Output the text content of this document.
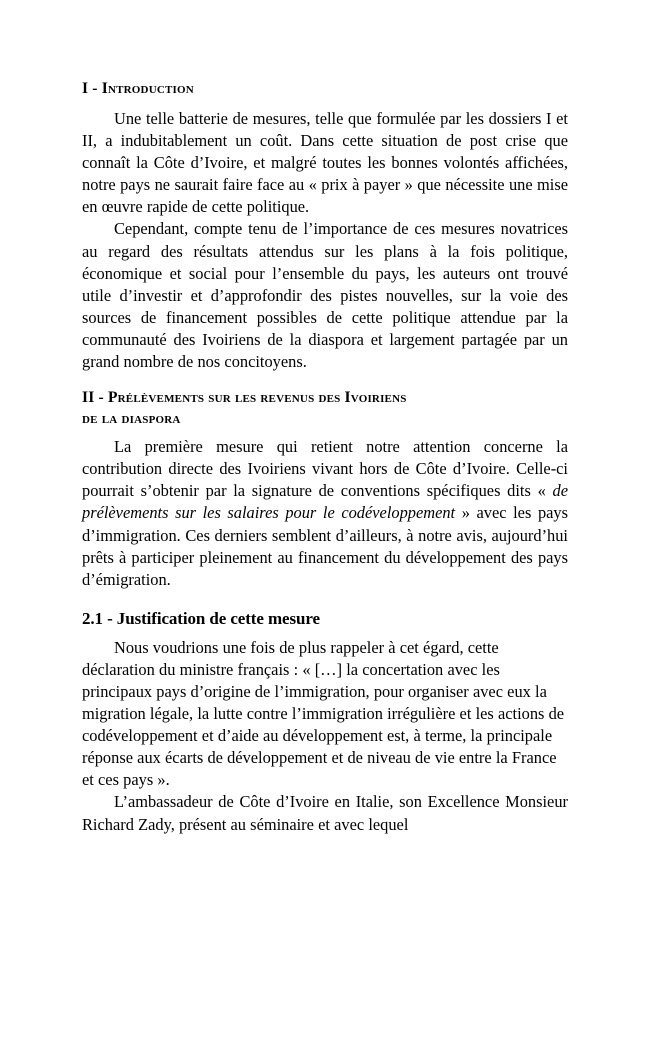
I - Introduction

Une telle batterie de mesures, telle que formulée par les dossiers I et II, a indubitablement un coût. Dans cette situation de post crise que connaît la Côte d’Ivoire, et malgré toutes les bonnes volontés affichées, notre pays ne saurait faire face au « prix à payer » que nécessite une mise en œuvre rapide de cette politique.

Cependant, compte tenu de l’importance de ces mesures novatrices au regard des résultats attendus sur les plans à la fois politique, économique et social pour l’ensemble du pays, les auteurs ont trouvé utile d’investir et d’approfondir des pistes nouvelles, sur la voie des sources de financement possibles de cette politique attendue par la communauté des Ivoiriens de la diaspora et largement partagée par un grand nombre de nos concitoyens.

II - Prélèvements sur les revenus des Ivoiriens
de la diaspora

La première mesure qui retient notre attention concerne la contribution directe des Ivoiriens vivant hors de Côte d’Ivoire. Celle-ci pourrait s’obtenir par la signature de conventions spécifiques dits « de prélèvements sur les salaires pour le codéveloppement » avec les pays d’immigration. Ces derniers semblent d’ailleurs, à notre avis, aujourd’hui prêts à participer pleinement au financement du développement des pays d’émigration.

2.1 - Justification de cette mesure

Nous voudrions une fois de plus rappeler à cet égard, cette déclaration du ministre français : « […] la concertation avec les principaux pays d’origine de l’immigration, pour organiser avec eux la migration légale, la lutte contre l’immigration irrégulière et les actions de codéveloppement et d’aide au développement est, à terme, la principale réponse aux écarts de développement et de niveau de vie entre la France et ces pays ».

L’ambassadeur de Côte d’Ivoire en Italie, son Excellence Monsieur Richard Zady, présent au séminaire et avec lequel
